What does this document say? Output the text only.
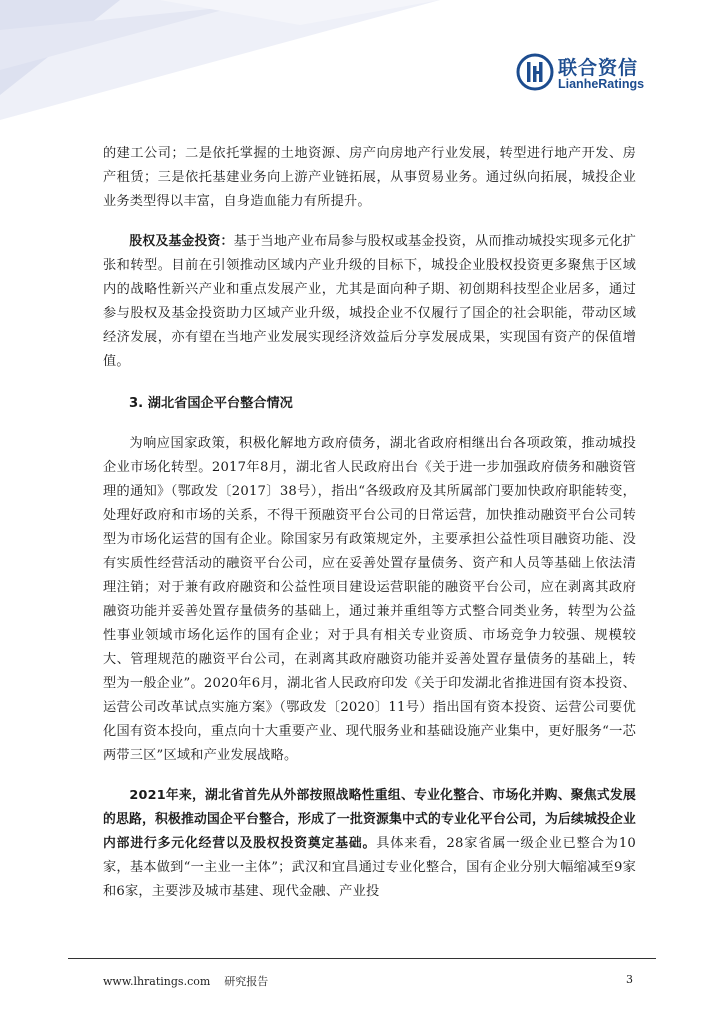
联合资信
LianheRatings

的建工公司；二是依托掌握的土地资源、房产向房地产行业发展，转型进行地产开发、房产租赁；三是依托基建业务向上游产业链拓展，从事贸易业务。通过纵向拓展，城投企业业务类型得以丰富，自身造血能力有所提升。

股权及基金投资：基于当地产业布局参与股权或基金投资，从而推动城投实现多元化扩张和转型。目前在引领推动区域内产业升级的目标下，城投企业股权投资更多聚焦于区域内的战略性新兴产业和重点发展产业，尤其是面向种子期、初创期科技型企业居多，通过参与股权及基金投资助力区域产业升级，城投企业不仅履行了国企的社会职能，带动区域经济发展，亦有望在当地产业发展实现经济效益后分享发展成果，实现国有资产的保值增值。

3. 湖北省国企平台整合情况

为响应国家政策，积极化解地方政府债务，湖北省政府相继出台各项政策，推动城投企业市场化转型。2017年8月，湖北省人民政府出台《关于进一步加强政府债务和融资管理的通知》（鄂政发〔2017〕38号），指出“各级政府及其所属部门要加快政府职能转变，处理好政府和市场的关系，不得干预融资平台公司的日常运营，加快推动融资平台公司转型为市场化运营的国有企业。除国家另有政策规定外，主要承担公益性项目融资功能、没有实质性经营活动的融资平台公司，应在妥善处置存量债务、资产和人员等基础上依法清理注销；对于兼有政府融资和公益性项目建设运营职能的融资平台公司，应在剥离其政府融资功能并妥善处置存量债务的基础上，通过兼并重组等方式整合同类业务，转型为公益性事业领域市场化运作的国有企业；对于具有相关专业资质、市场竞争力较强、规模较大、管理规范的融资平台公司，在剥离其政府融资功能并妥善处置存量债务的基础上，转型为一般企业”。2020年6月，湖北省人民政府印发《关于印发湖北省推进国有资本投资、运营公司改革试点实施方案》（鄂政发〔2020〕11号）指出国有资本投资、运营公司要优化国有资本投向，重点向十大重要产业、现代服务业和基础设施产业集中，更好服务“一芯两带三区”区域和产业发展战略。

2021年来，湖北省首先从外部按照战略性重组、专业化整合、市场化并购、聚焦式发展的思路，积极推动国企平台整合，形成了一批资源集中式的专业化平台公司，为后续城投企业内部进行多元化经营以及股权投资奠定基础。具体来看，28家省属一级企业已整合为10家，基本做到“一主业一主体”；武汉和宜昌通过专业化整合，国有企业分别大幅缩减至9家和6家，主要涉及城市基建、现代金融、产业投

www.lhratings.com 研究报告	3
